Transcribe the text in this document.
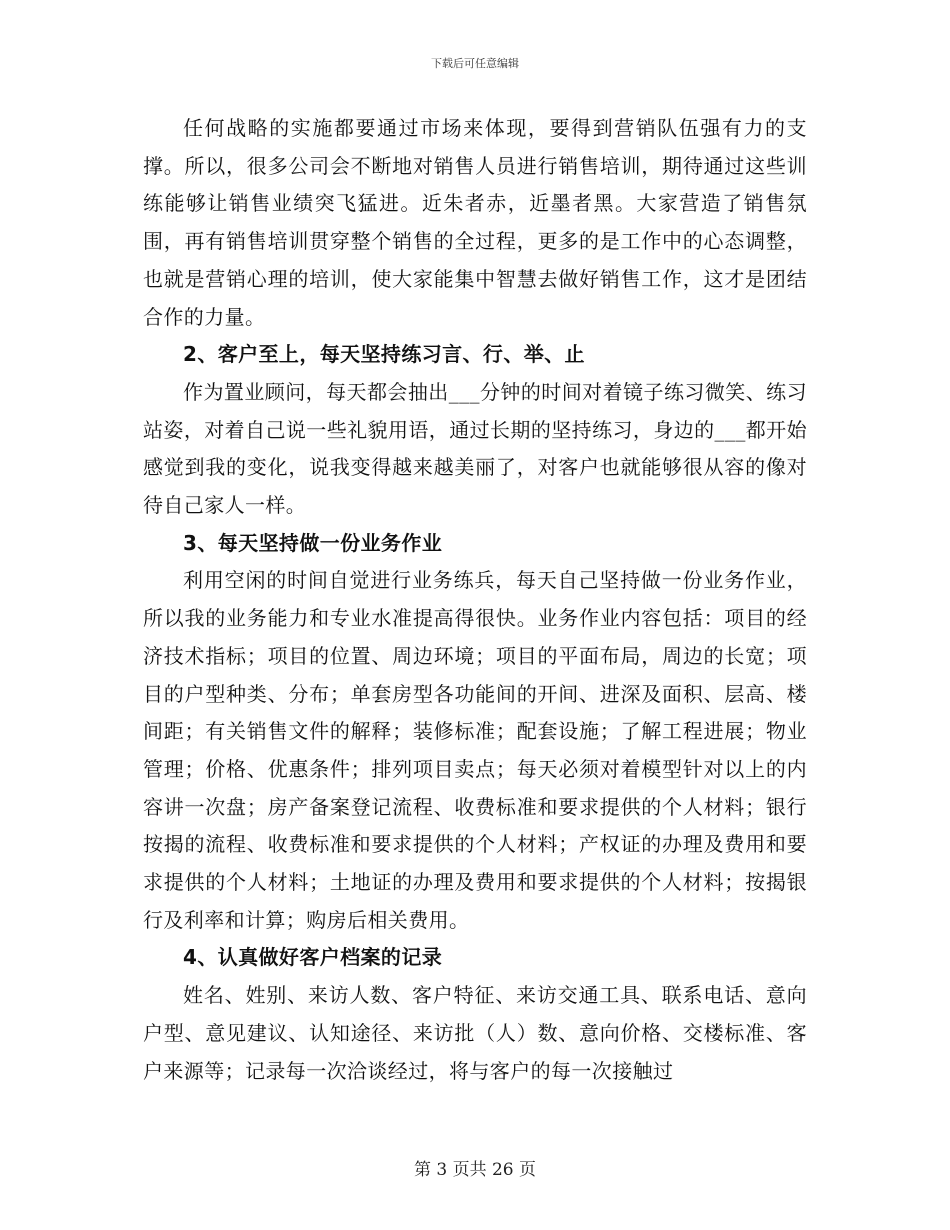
下载后可任意编辑

任何战略的实施都要通过市场来体现，要得到营销队伍强有力的支撑。所以，很多公司会不断地对销售人员进行销售培训，期待通过这些训练能够让销售业绩突飞猛进。近朱者赤，近墨者黑。大家营造了销售氛围，再有销售培训贯穿整个销售的全过程，更多的是工作中的心态调整，也就是营销心理的培训，使大家能集中智慧去做好销售工作，这才是团结合作的力量。

2、客户至上，每天坚持练习言、行、举、止

作为置业顾问，每天都会抽出___分钟的时间对着镜子练习微笑、练习站姿，对着自己说一些礼貌用语，通过长期的坚持练习，身边的___都开始感觉到我的变化，说我变得越来越美丽了，对客户也就能够很从容的像对待自己家人一样。

3、每天坚持做一份业务作业

利用空闲的时间自觉进行业务练兵，每天自己坚持做一份业务作业，所以我的业务能力和专业水准提高得很快。业务作业内容包括：项目的经济技术指标；项目的位置、周边环境；项目的平面布局，周边的长宽；项目的户型种类、分布；单套房型各功能间的开间、进深及面积、层高、楼间距；有关销售文件的解释；装修标准；配套设施；了解工程进展；物业管理；价格、优惠条件；排列项目卖点；每天必须对着模型针对以上的内容讲一次盘；房产备案登记流程、收费标准和要求提供的个人材料；银行按揭的流程、收费标准和要求提供的个人材料；产权证的办理及费用和要求提供的个人材料；土地证的办理及费用和要求提供的个人材料；按揭银行及利率和计算；购房后相关费用。

4、认真做好客户档案的记录

姓名、姓别、来访人数、客户特征、来访交通工具、联系电话、意向户型、意见建议、认知途径、来访批（人）数、意向价格、交楼标准、客户来源等；记录每一次洽谈经过，将与客户的每一次接触过

第 3 页共 26 页
